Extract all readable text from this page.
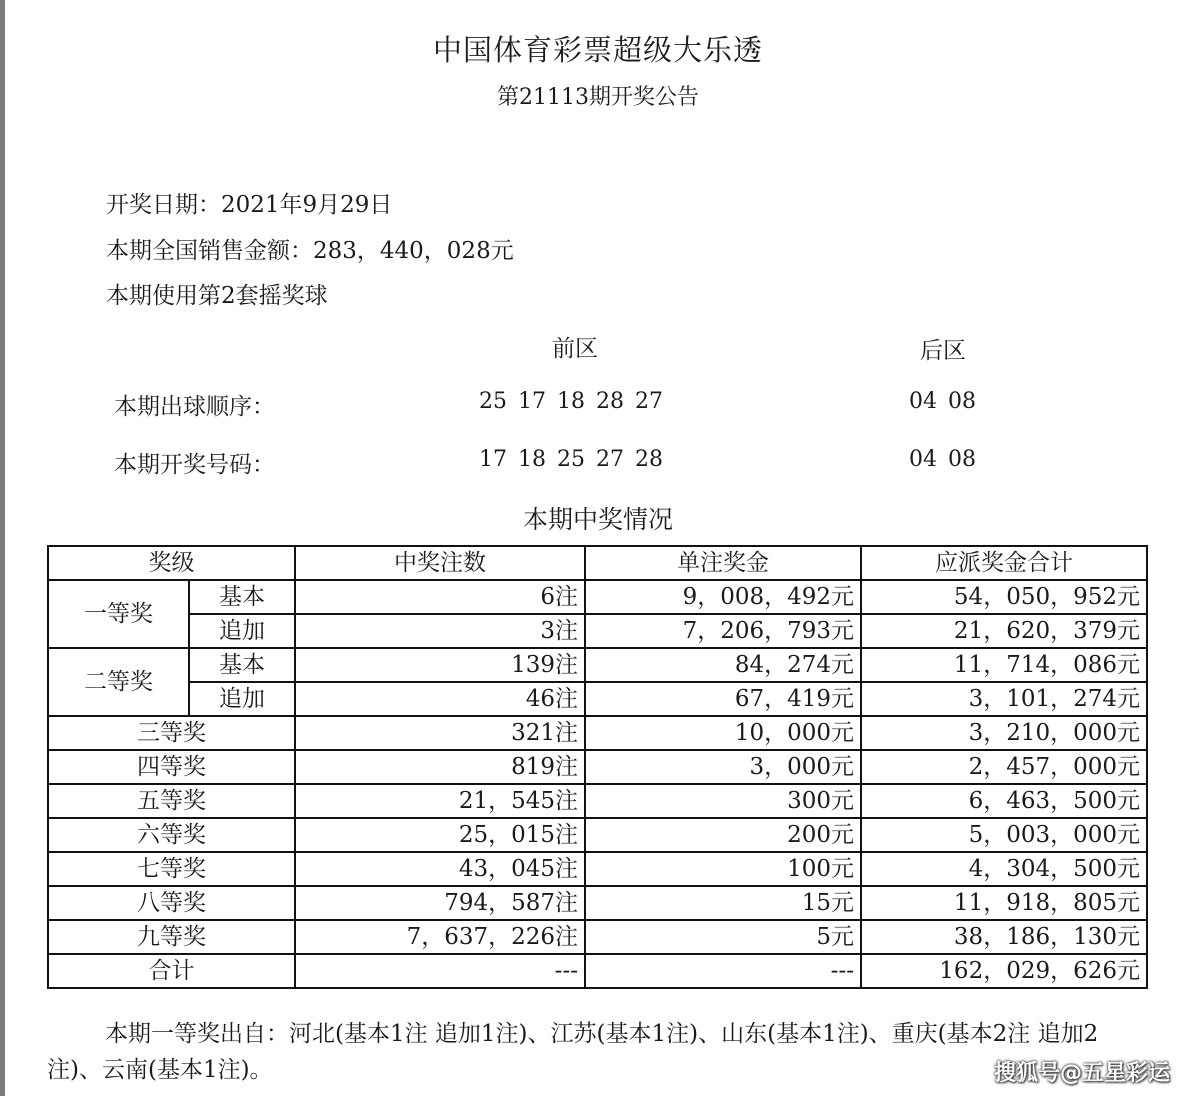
中国体育彩票超级大乐透
第21113期开奖公告
开奖日期：2021年9月29日
本期全国销售金额：283，440，028元
本期使用第2套摇奖球
前区	后区
本期出球顺序：	25 17 18 28 27	04 08
本期开奖号码：	17 18 25 27 28	04 08
本期中奖情况
奖级		中奖注数	单注奖金	应派奖金合计
一等奖	基本	6注	9，008，492元	54，050，952元
	追加	3注	7，206，793元	21，620，379元
二等奖	基本	139注	84，274元	11，714，086元
	追加	46注	67，419元	3，101，274元
三等奖		321注	10，000元	3，210，000元
四等奖		819注	3，000元	2，457，000元
五等奖		21，545注	300元	6，463，500元
六等奖		25，015注	200元	5，003，000元
七等奖		43，045注	100元	4，304，500元
八等奖		794，587注	15元	11，918，805元
九等奖		7，637，226注	5元	38，186，130元
合计		---	---	162，029，626元
本期一等奖出自：河北(基本1注 追加1注)、江苏(基本1注)、山东(基本1注)、重庆(基本2注 追加2注)、云南(基本1注)。	搜狐号@五星彩运
